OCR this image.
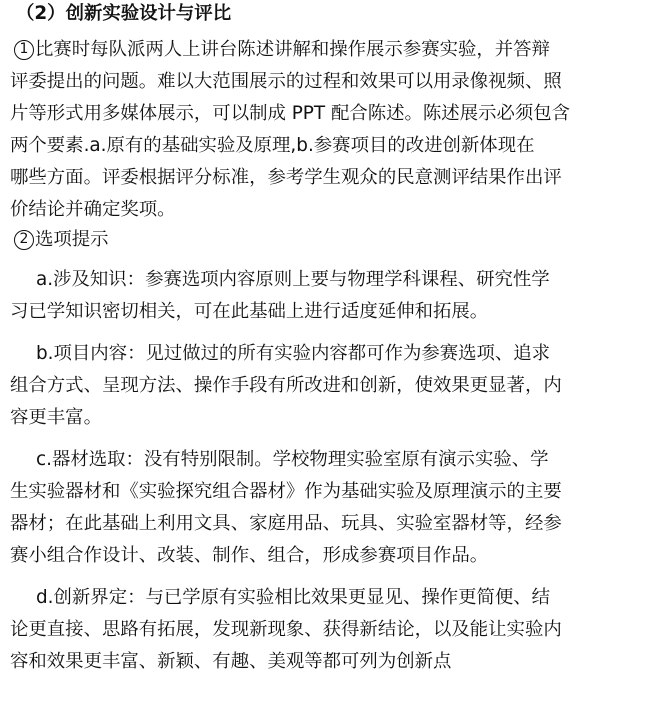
（2）创新实验设计与评比
1 比赛时每队派两人上讲台陈述讲解和操作展示参赛实验，并答辩
评委提出的问题。难以大范围展示的过程和效果可以用录像视频、照
片等形式用多媒体展示，可以制成 PPT 配合陈述。陈述展示必须包含
两个要素.a.原有的基础实验及原理,b.参赛项目的改进创新体现在
哪些方面。评委根据评分标准，参考学生观众的民意测评结果作出评
价结论并确定奖项。
2 选项提示
a.涉及知识：参赛选项内容原则上要与物理学科课程、研究性学
习已学知识密切相关，可在此基础上进行适度延伸和拓展。
b.项目内容：见过做过的所有实验内容都可作为参赛选项、追求
组合方式、呈现方法、操作手段有所改进和创新，使效果更显著，内
容更丰富。
c.器材选取：没有特别限制。学校物理实验室原有演示实验、学
生实验器材和《实验探究组合器材》作为基础实验及原理演示的主要
器材；在此基础上利用文具、家庭用品、玩具、实验室器材等，经参
赛小组合作设计、改装、制作、组合，形成参赛项目作品。
d.创新界定：与已学原有实验相比效果更显见、操作更简便、结
论更直接、思路有拓展，发现新现象、获得新结论，以及能让实验内
容和效果更丰富、新颖、有趣、美观等都可列为创新点
